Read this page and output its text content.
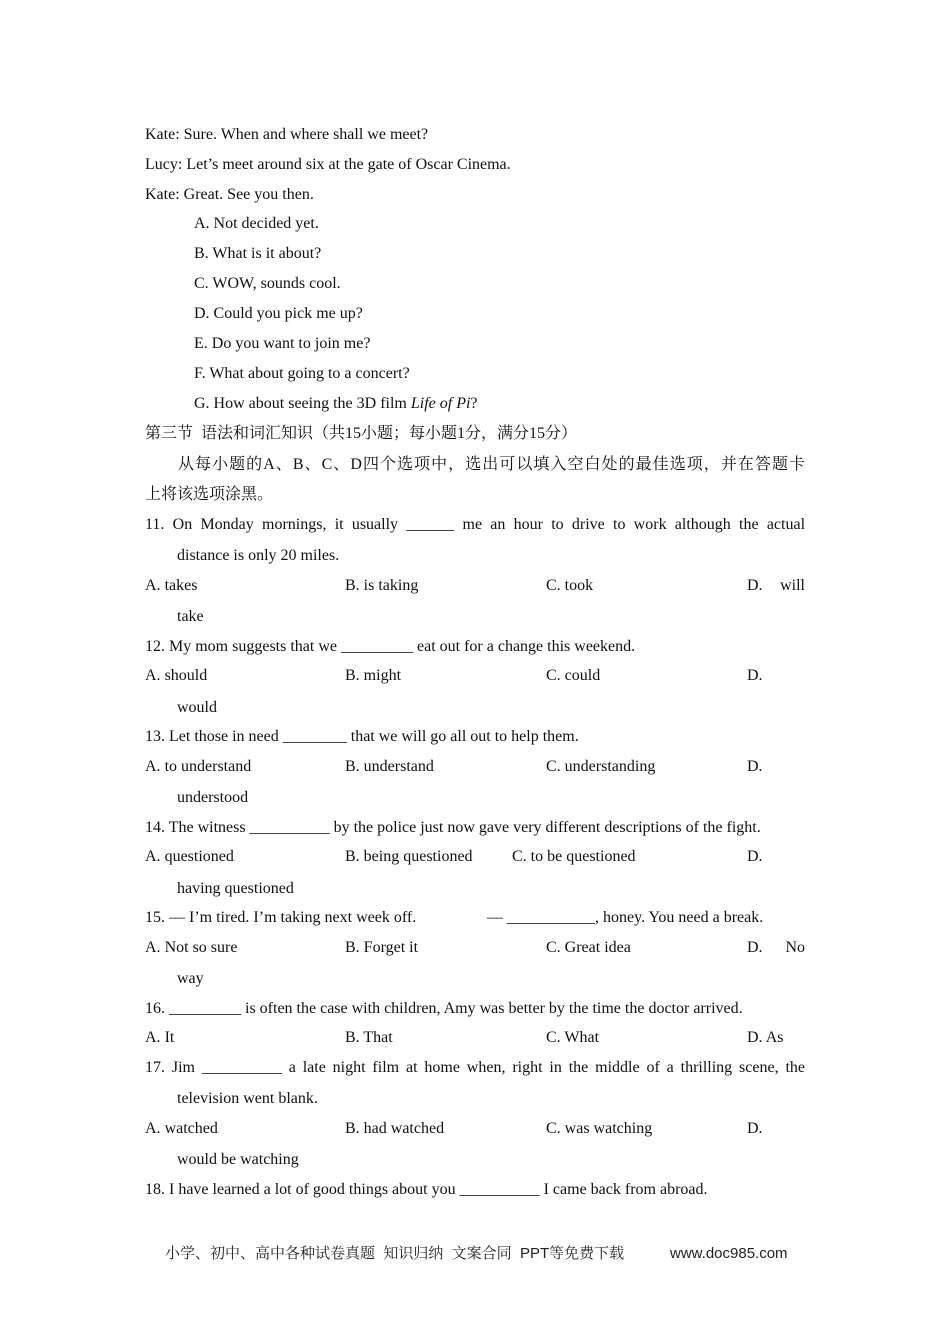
Kate: Sure. When and where shall we meet?
Lucy: Let’s meet around six at the gate of Oscar Cinema.
Kate: Great. See you then.
A. Not decided yet.
B. What is it about?
C. WOW, sounds cool.
D. Could you pick me up?
E. Do you want to join me?
F. What about going to a concert?
G. How about seeing the 3D film Life of Pi?
第三节  语法和词汇知识（共15小题；每小题1分，满分15分）
从每小题的A、B、C、D四个选项中，选出可以填入空白处的最佳选项，并在答题卡
上将该选项涂黑。
11. On Monday mornings, it usually ______ me an hour to drive to work although the actual
distance is only 20 miles.
A. takes	B. is taking	C. took	D. will
take
12. My mom suggests that we _________ eat out for a change this weekend.
A. should	B. might	C. could	D.
would
13. Let those in need ________ that we will go all out to help them.
A. to understand	B. understand	C. understanding	D.
understood
14. The witness __________ by the police just now gave very different descriptions of the fight.
A. questioned	B. being questioned C. to be questioned	D.
having questioned
15. — I’m tired. I’m taking next week off.	— ___________, honey. You need a break.
A. Not so sure	B. Forget it	C. Great idea	D. No
way
16. _________ is often the case with children, Amy was better by the time the doctor arrived.
A. It	B. That	C. What	D. As
17. Jim __________ a late night film at home when, right in the middle of a thrilling scene, the
television went blank.
A. watched	B. had watched	C. was watching	D.
would be watching
18. I have learned a lot of good things about you __________ I came back from abroad.
小学、初中、高中各种试卷真题  知识归纳  文案合同  PPT等免费下载	www.doc985.com
